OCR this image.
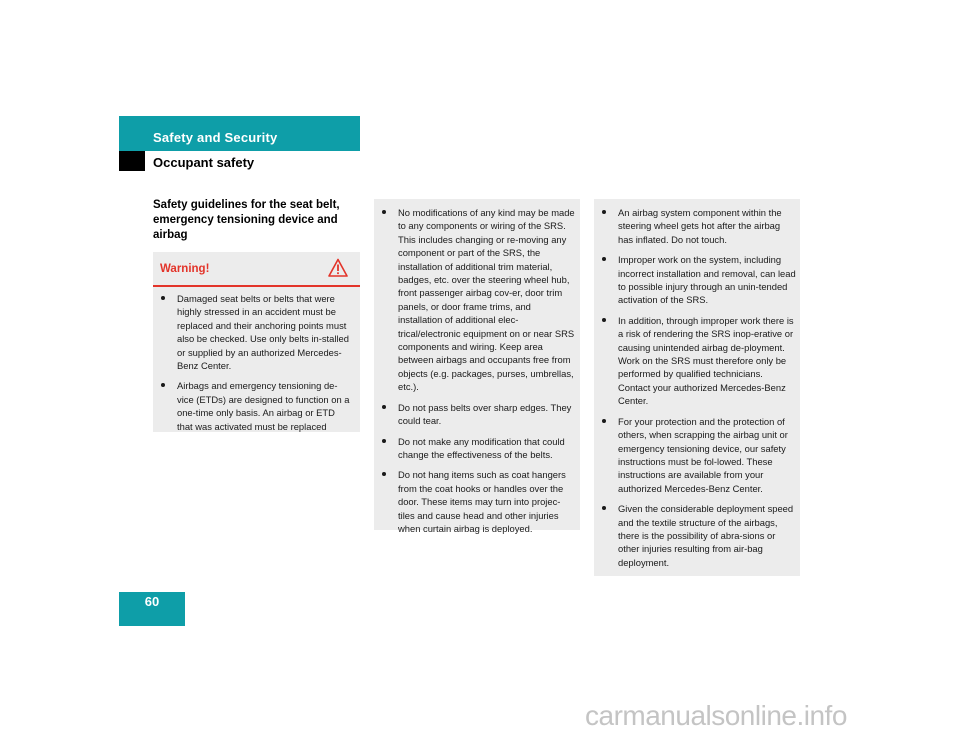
Safety and Security
Occupant safety
Safety guidelines for the seat belt, emergency tensioning device and airbag
Warning!
Damaged seat belts or belts that were highly stressed in an accident must be replaced and their anchoring points must also be checked. Use only belts in-stalled or supplied by an authorized Mercedes-Benz Center.
Airbags and emergency tensioning de-vice (ETDs) are designed to function on a one-time only basis. An airbag or ETD that was activated must be replaced
No modifications of any kind may be made to any components or wiring of the SRS. This includes changing or re-moving any component or part of the SRS, the installation of additional trim material, badges, etc. over the steering wheel hub, front passenger airbag cov-er, door trim panels, or door frame trims, and installation of additional elec-trical/electronic equipment on or near SRS components and wiring. Keep area between airbags and occupants free from objects (e.g. packages, purses, umbrellas, etc.).
Do not pass belts over sharp edges. They could tear.
Do not make any modification that could change the effectiveness of the belts.
Do not hang items such as coat hangers from the coat hooks or handles over the door. These items may turn into projec-tiles and cause head and other injuries when curtain airbag is deployed.
An airbag system component within the steering wheel gets hot after the airbag has inflated. Do not touch.
Improper work on the system, including incorrect installation and removal, can lead to possible injury through an unin-tended activation of the SRS.
In addition, through improper work there is a risk of rendering the SRS inop-erative or causing unintended airbag de-ployment. Work on the SRS must therefore only be performed by qualified technicians. Contact your authorized Mercedes-Benz Center.
For your protection and the protection of others, when scrapping the airbag unit or emergency tensioning device, our safety instructions must be fol-lowed. These instructions are available from your authorized Mercedes-Benz Center.
Given the considerable deployment speed and the textile structure of the airbags, there is the possibility of abra-sions or other injuries resulting from air-bag deployment.
60
carmanualsonline.info
